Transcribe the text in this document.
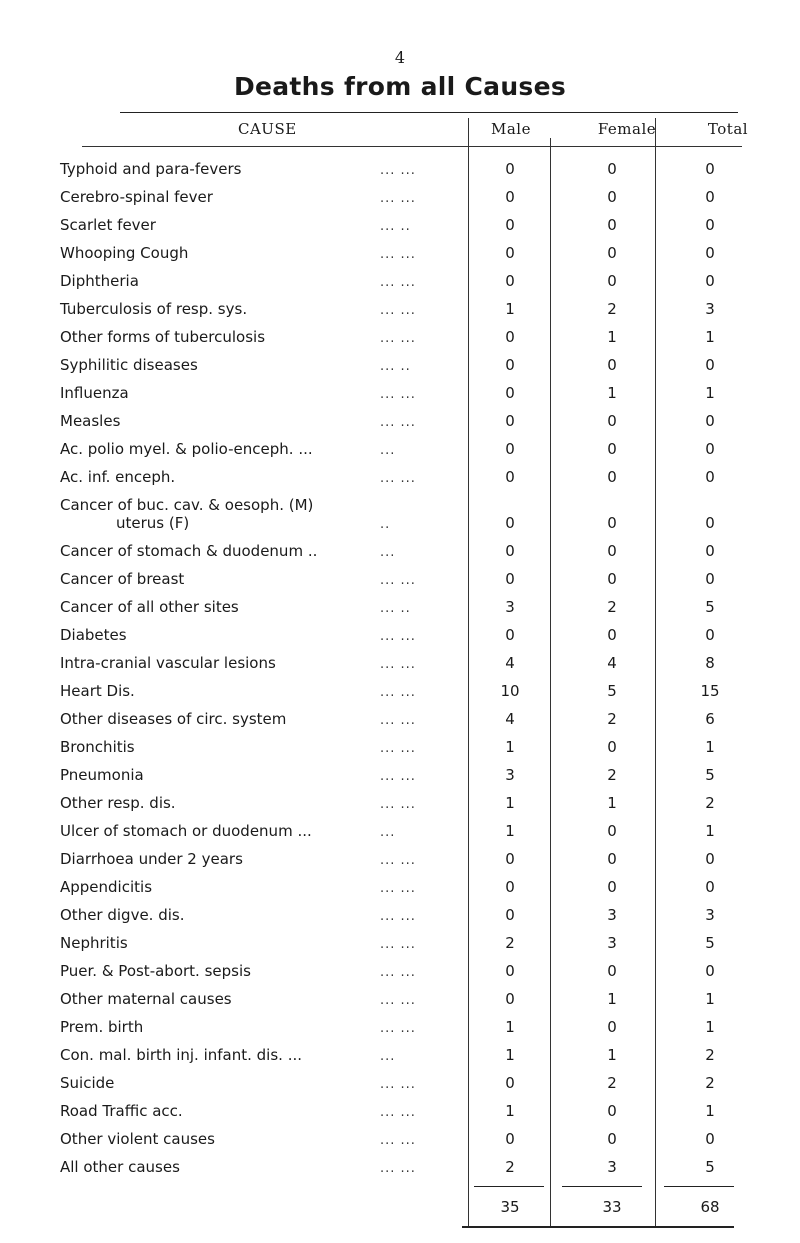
4
Deaths from all Causes
CAUSE	Male	Female	Total
Typhoid and para-fevers	... ...	0	0	0
Cerebro-spinal fever	... ...	0	0	0
Scarlet fever	... ..	0	0	0
Whooping Cough	... ...	0	0	0
Diphtheria	... ...	0	0	0
Tuberculosis of resp. sys.	... ...	1	2	3
Other forms of tuberculosis	... ...	0	1	1
Syphilitic diseases	... ..	0	0	0
Influenza	... ...	0	1	1
Measles	... ...	0	0	0
Ac. polio myel. & polio-enceph. ...	...	0	0	0
Ac. inf. enceph.	... ...	0	0	0
Cancer of buc. cav. & oesoph. (M)
uterus (F)	..	0	0	0
Cancer of stomach & duodenum ..	...	0	0	0
Cancer of breast	... ...	0	0	0
Cancer of all other sites	... ..	3	2	5
Diabetes	... ...	0	0	0
Intra-cranial vascular lesions	... ...	4	4	8
Heart Dis.	... ...	10	5	15
Other diseases of circ. system	... ...	4	2	6
Bronchitis	... ...	1	0	1
Pneumonia	... ...	3	2	5
Other resp. dis.	... ...	1	1	2
Ulcer of stomach or duodenum ...	...	1	0	1
Diarrhoea under 2 years	... ...	0	0	0
Appendicitis	... ...	0	0	0
Other digve. dis.	... ...	0	3	3
Nephritis	... ...	2	3	5
Puer. & Post-abort. sepsis	... ...	0	0	0
Other maternal causes	... ...	0	1	1
Prem. birth	... ...	1	0	1
Con. mal. birth inj. infant. dis. ...	...	1	1	2
Suicide	... ...	0	2	2
Road Traffic acc.	... ...	1	0	1
Other violent causes	... ...	0	0	0
All other causes	... ...	2	3	5
35	33	68
